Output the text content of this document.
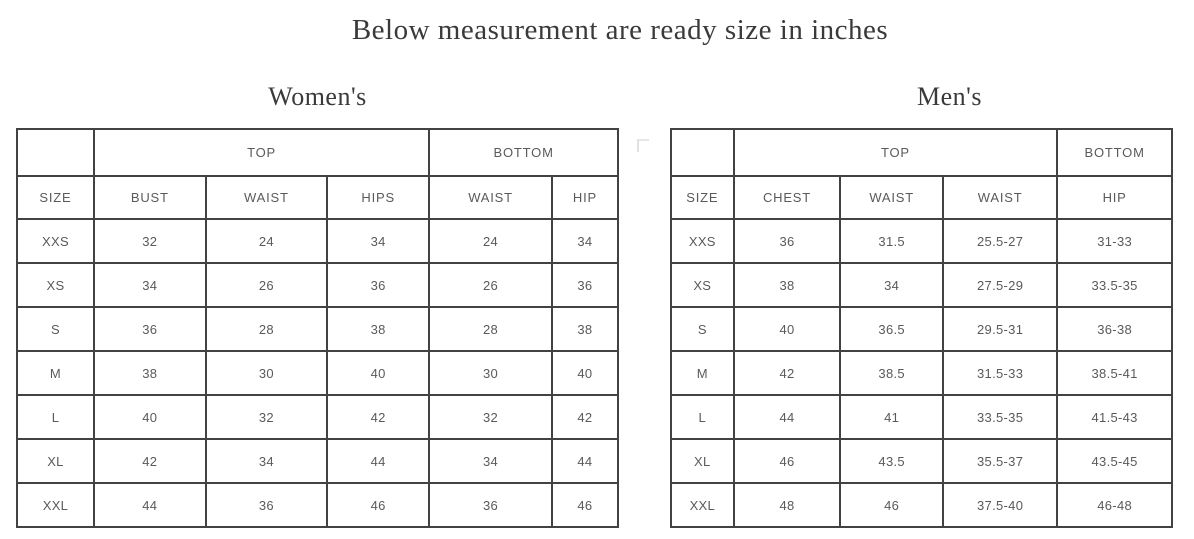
Below measurement are ready size in inches
Women's
	TOP			BOTTOM	
SIZE	BUST	WAIST	HIPS	WAIST	HIP
XXS	32	24	34	24	34
XS	34	26	36	26	36
S	36	28	38	28	38
M	38	30	40	30	40
L	40	32	42	32	42
XL	42	34	44	34	44
XXL	44	36	46	36	46
Men's
	TOP			BOTTOM
SIZE	CHEST	WAIST	WAIST	HIP
XXS	36	31.5	25.5-27	31-33
XS	38	34	27.5-29	33.5-35
S	40	36.5	29.5-31	36-38
M	42	38.5	31.5-33	38.5-41
L	44	41	33.5-35	41.5-43
XL	46	43.5	35.5-37	43.5-45
XXL	48	46	37.5-40	46-48
